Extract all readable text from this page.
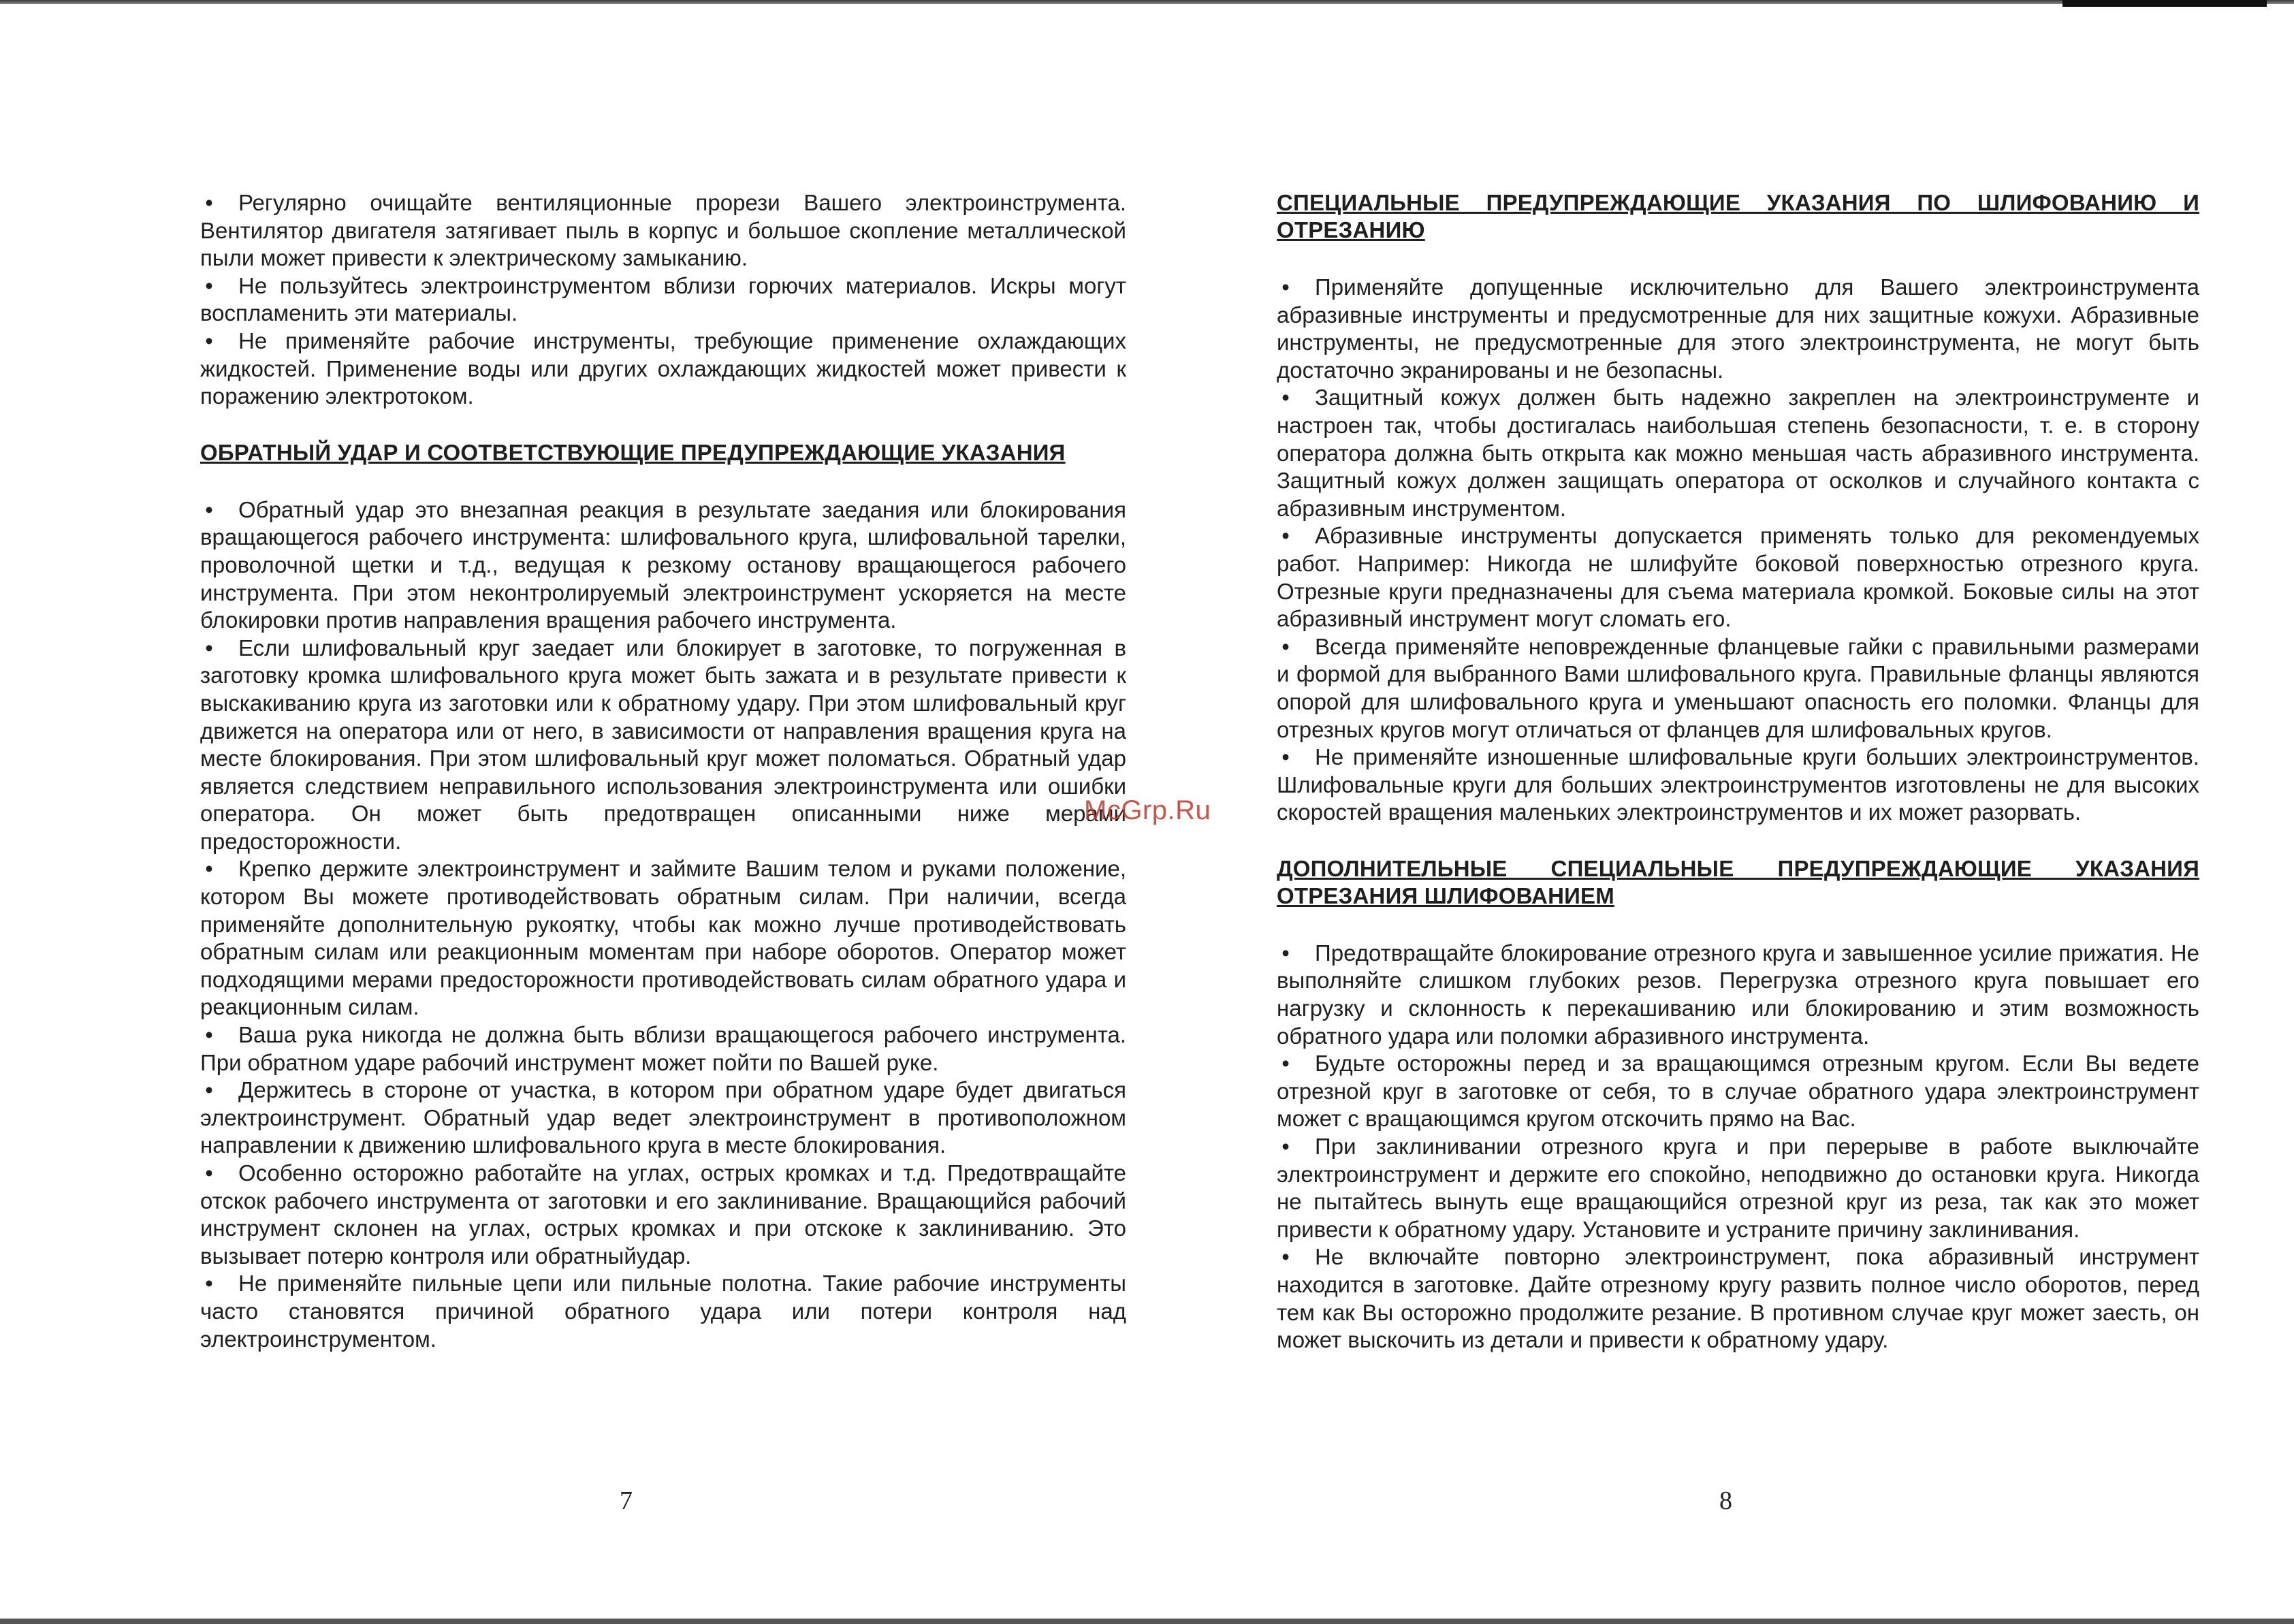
• Регулярно очищайте вентиляционные прорези Вашего электроинструмента. Вентилятор двигателя затягивает пыль в корпус и большое скопление металлической пыли может привести к электрическому замыканию.

• Не пользуйтесь электроинструментом вблизи горючих материалов. Искры могут воспламенить эти материалы.

• Не применяйте рабочие инструменты, требующие применение охлаждающих жидкостей. Применение воды или других охлаждающих жидкостей может привести к поражению электротоком.

ОБРАТНЫЙ УДАР И СООТВЕТСТВУЮЩИЕ ПРЕДУПРЕЖДАЮЩИЕ УКАЗАНИЯ

• Обратный удар это внезапная реакция в результате заедания или блокирования вращающегося рабочего инструмента: шлифовального круга, шлифовальной тарелки, проволочной щетки и т.д., ведущая к резкому останову вращающегося рабочего инструмента. При этом неконтролируемый электроинструмент ускоряется на месте блокировки против направления вращения рабочего инструмента.

• Если шлифовальный круг заедает или блокирует в заготовке, то погруженная в заготовку кромка шлифовального круга может быть зажата и в результате привести к выскакиванию круга из заготовки или к обратному удару. При этом шлифовальный круг движется на оператора или от него, в зависимости от направления вращения круга на месте блокирования. При этом шлифовальный круг может поломаться. Обратный удар является следствием неправильного использования электроинструмента или ошибки оператора. Он может быть предотвращен описанными ниже мерами предосторожности.

• Крепко держите электроинструмент и займите Вашим телом и руками положение, котором Вы можете противодействовать обратным силам. При наличии, всегда применяйте дополнительную рукоятку, чтобы как можно лучше противодействовать обратным силам или реакционным моментам при наборе оборотов. Оператор может подходящими мерами предосторожности противодействовать силам обратного удара и реакционным силам.

• Ваша рука никогда не должна быть вблизи вращающегося рабочего инструмента. При обратном ударе рабочий инструмент может пойти по Вашей руке.

• Держитесь в стороне от участка, в котором при обратном ударе будет двигаться электроинструмент. Обратный удар ведет электроинструмент в противоположном направлении к движению шлифовального круга в месте блокирования.

• Особенно осторожно работайте на углах, острых кромках и т.д. Предотвращайте отскок рабочего инструмента от заготовки и его заклинивание. Вращающийся рабочий инструмент склонен на углах, острых кромках и при отскоке к заклиниванию. Это вызывает потерю контроля или обратныйудар.

• Не применяйте пильные цепи или пильные полотна. Такие рабочие инструменты часто становятся причиной обратного удара или потери контроля над электроинструментом.

7
СПЕЦИАЛЬНЫЕ ПРЕДУПРЕЖДАЮЩИЕ УКАЗАНИЯ ПО ШЛИФОВАНИЮ И ОТРЕЗАНИЮ

• Применяйте допущенные исключительно для Вашего электроинструмента абразивные инструменты и предусмотренные для них защитные кожухи. Абразивные инструменты, не предусмотренные для этого электроинструмента, не могут быть достаточно экранированы и не безопасны.

• Защитный кожух должен быть надежно закреплен на электроинструменте и настроен так, чтобы достигалась наибольшая степень безопасности, т. е. в сторону оператора должна быть открыта как можно меньшая часть абразивного инструмента. Защитный кожух должен защищать оператора от осколков и случайного контакта с абразивным инструментом.

• Абразивные инструменты допускается применять только для рекомендуемых работ. Например: Никогда не шлифуйте боковой поверхностью отрезного круга. Отрезные круги предназначены для съема материала кромкой. Боковые силы на этот абразивный инструмент могут сломать его.

• Всегда применяйте неповрежденные фланцевые гайки с правильными размерами и формой для выбранного Вами шлифовального круга. Правильные фланцы являются опорой для шлифовального круга и уменьшают опасность его поломки. Фланцы для отрезных кругов могут отличаться от фланцев для шлифовальных кругов.

• Не применяйте изношенные шлифовальные круги больших электроинструментов. Шлифовальные круги для больших электроинструментов изготовлены не для высоких скоростей вращения маленьких электроинструментов и их может разорвать.

ДОПОЛНИТЕЛЬНЫЕ СПЕЦИАЛЬНЫЕ ПРЕДУПРЕЖДАЮЩИЕ УКАЗАНИЯ ОТРЕЗАНИЯ ШЛИФОВАНИЕМ

• Предотвращайте блокирование отрезного круга и завышенное усилие прижатия. Не выполняйте слишком глубоких резов. Перегрузка отрезного круга повышает его нагрузку и склонность к перекашиванию или блокированию и этим возможность обратного удара или поломки абразивного инструмента.

• Будьте осторожны перед и за вращающимся отрезным кругом. Если Вы ведете отрезной круг в заготовке от себя, то в случае обратного удара электроинструмент может с вращающимся кругом отскочить прямо на Вас.

• При заклинивании отрезного круга и при перерыве в работе выключайте электроинструмент и держите его спокойно, неподвижно до остановки круга. Никогда не пытайтесь вынуть еще вращающийся отрезной круг из реза, так как это может привести к обратному удару. Установите и устраните причину заклинивания.

• Не включайте повторно электроинструмент, пока абразивный инструмент находится в заготовке. Дайте отрезному кругу развить полное число оборотов, перед тем как Вы осторожно продолжите резание. В противном случае круг может заесть, он может выскочить из детали и привести к обратному удару.

8
McGrp.Ru
